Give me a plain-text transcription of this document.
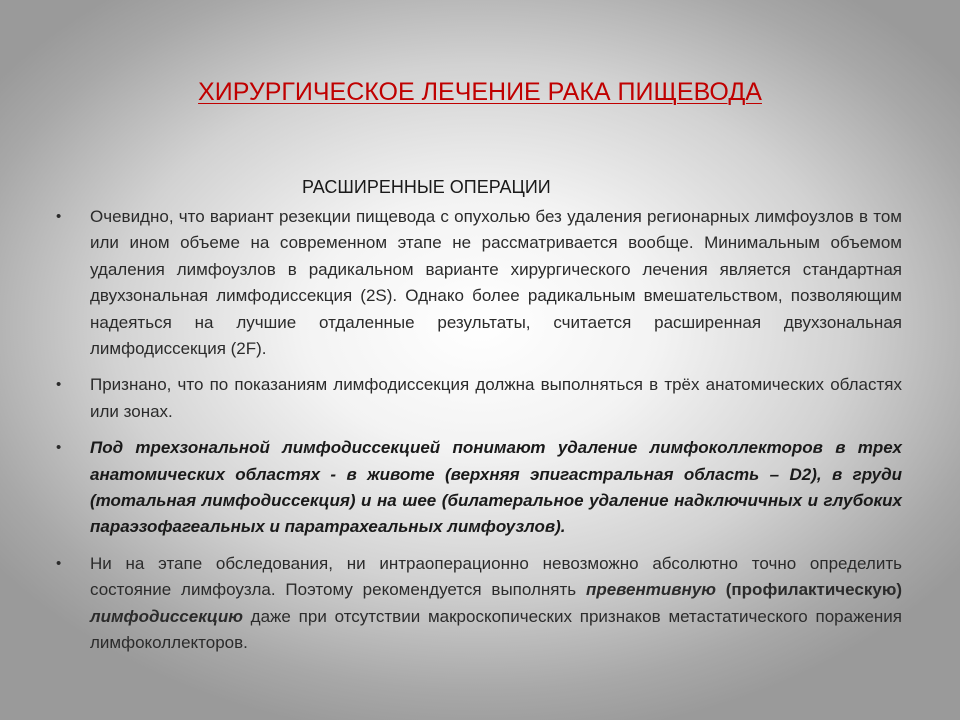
ХИРУРГИЧЕСКОЕ ЛЕЧЕНИЕ РАКА ПИЩЕВОДА
РАСШИРЕННЫЕ ОПЕРАЦИИ
• Очевидно, что вариант резекции пищевода с опухолью без удаления регионарных лимфоузлов в том или ином объеме на современном этапе не рассматривается вообще. Минимальным объемом удаления лимфоузлов в радикальном варианте хирургического лечения является стандартная двухзональная лимфодиссекция (2S). Однако более радикальным вмешательством, позволяющим надеяться на лучшие отдаленные результаты, считается расширенная двухзональная лимфодиссекция (2F).
• Признано, что по показаниям лимфодиссекция должна выполняться в трёх анатомических областях или зонах.
• Под трехзональной лимфодиссекцией понимают удаление лимфоколлекторов в трех анатомических областях - в животе (верхняя эпигастральная область – D2), в груди (тотальная лимфодиссекция) и на шее (билатеральное удаление надключичных и глубоких параэзофагеальных и паратрахеальных лимфоузлов).
• Ни на этапе обследования, ни интраоперационно невозможно абсолютно точно определить состояние лимфоузла. Поэтому рекомендуется выполнять превентивную (профилактическую) лимфодиссекцию даже при отсутствии макроскопических признаков метастатического поражения лимфоколлекторов.
